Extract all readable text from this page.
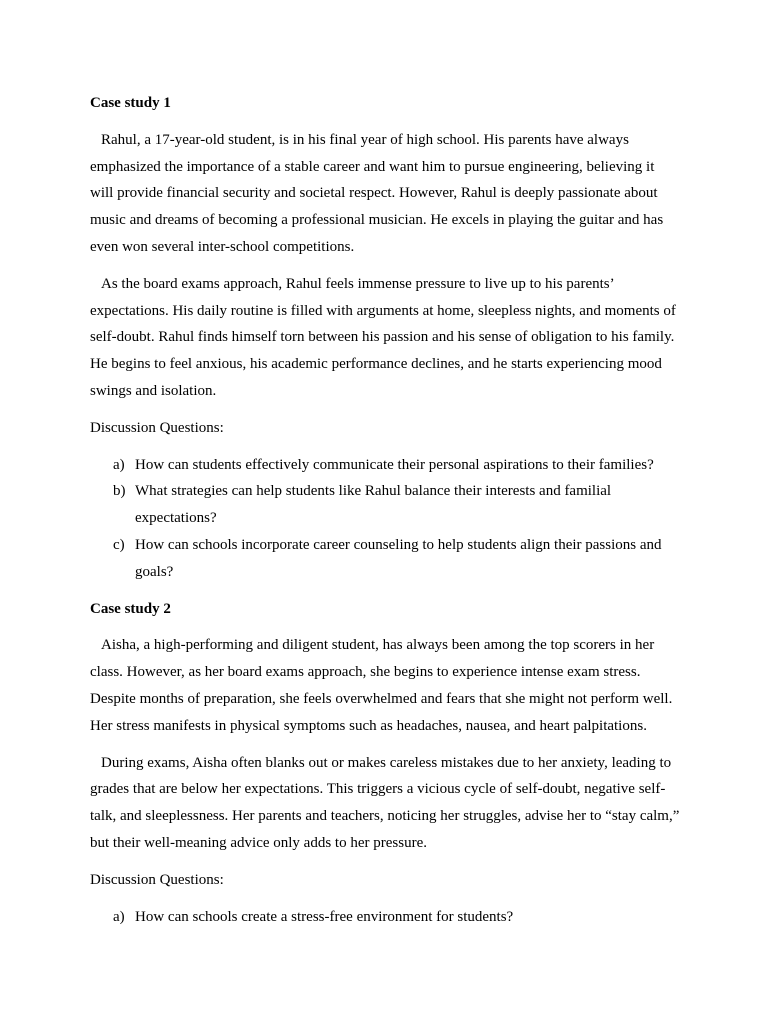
Case study 1

Rahul, a 17-year-old student, is in his final year of high school. His parents have always emphasized the importance of a stable career and want him to pursue engineering, believing it will provide financial security and societal respect. However, Rahul is deeply passionate about music and dreams of becoming a professional musician. He excels in playing the guitar and has even won several inter-school competitions.

As the board exams approach, Rahul feels immense pressure to live up to his parents’ expectations. His daily routine is filled with arguments at home, sleepless nights, and moments of self-doubt. Rahul finds himself torn between his passion and his sense of obligation to his family. He begins to feel anxious, his academic performance declines, and he starts experiencing mood swings and isolation.

Discussion Questions:

a) How can students effectively communicate their personal aspirations to their families?
b) What strategies can help students like Rahul balance their interests and familial expectations?
c) How can schools incorporate career counseling to help students align their passions and goals?
Case study 2

Aisha, a high-performing and diligent student, has always been among the top scorers in her class. However, as her board exams approach, she begins to experience intense exam stress. Despite months of preparation, she feels overwhelmed and fears that she might not perform well. Her stress manifests in physical symptoms such as headaches, nausea, and heart palpitations.

During exams, Aisha often blanks out or makes careless mistakes due to her anxiety, leading to grades that are below her expectations. This triggers a vicious cycle of self-doubt, negative self-talk, and sleeplessness. Her parents and teachers, noticing her struggles, advise her to “stay calm,” but their well-meaning advice only adds to her pressure.

Discussion Questions:

a) How can schools create a stress-free environment for students?
